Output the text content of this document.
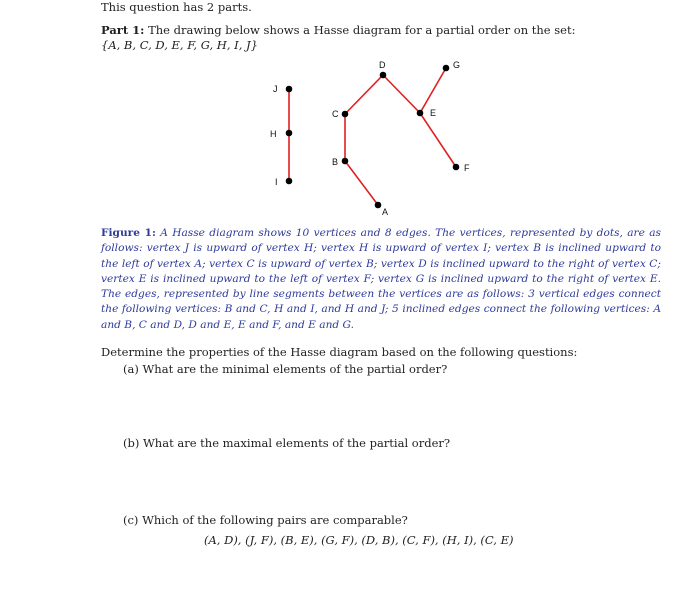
This question has 2 parts.
Part 1: The drawing below shows a Hasse diagram for a partial order on the set:
{A, B, C, D, E, F, G, H, I, J}
J
H
I
C
B
A
D
E
G
F
Figure 1: A Hasse diagram shows 10 vertices and 8 edges. The vertices, represented by dots, are as follows: vertex J is upward of vertex H; vertex H is upward of vertex I; vertex B is inclined upward to the left of vertex A; vertex C is upward of vertex B; vertex D is inclined upward to the right of vertex C; vertex E is inclined upward to the left of vertex F; vertex G is inclined upward to the right of vertex E. The edges, represented by line segments between the vertices are as follows: 3 vertical edges connect the following vertices: B and C, H and I, and H and J; 5 inclined edges connect the following vertices: A and B, C and D, D and E, E and F, and E and G.
Determine the properties of the Hasse diagram based on the following questions:
(a) What are the minimal elements of the partial order?
(b) What are the maximal elements of the partial order?
(c) Which of the following pairs are comparable?
(A, D), (J, F), (B, E), (G, F), (D, B), (C, F), (H, I), (C, E)
